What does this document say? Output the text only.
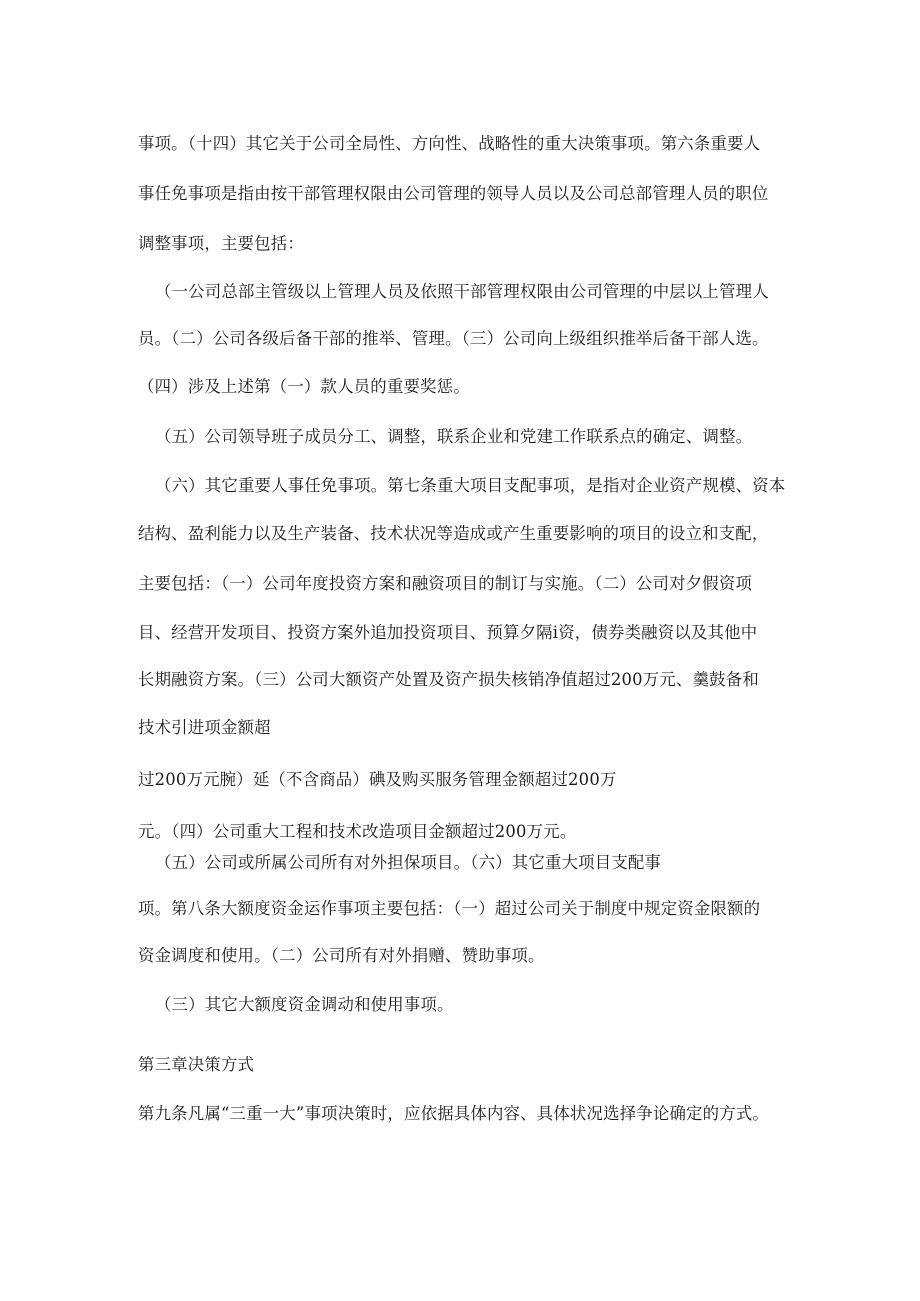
事项。（十四）其它关于公司全局性、方向性、战略性的重大决策事项。第六条重要人
事任免事项是指由按干部管理权限由公司管理的领导人员以及公司总部管理人员的职位
调整事项，主要包括：
（一公司总部主管级以上管理人员及依照干部管理权限由公司管理的中层以上管理人
员。（二）公司各级后备干部的推举、管理。（三）公司向上级组织推举后备干部人选。
（四）涉及上述第（一）款人员的重要奖惩。
（五）公司领导班子成员分工、调整，联系企业和党建工作联系点的确定、调整。
（六）其它重要人事任免事项。第七条重大项目支配事项，是指对企业资产规模、资本
结构、盈利能力以及生产装备、技术状况等造成或产生重要影响的项目的设立和支配，
主要包括：（一）公司年度投资方案和融资项目的制订与实施。（二）公司对夕假资项
目、经营开发项目、投资方案外追加投资项目、预算夕隔i资，债券类融资以及其他中
长期融资方案。（三）公司大额资产处置及资产损失核销净值超过200万元、羹鼓备和
技术引进项金额超
过200万元腕）延（不含商品）碘及购买服务管理金额超过200万
元。（四）公司重大工程和技术改造项目金额超过200万元。
（五）公司或所属公司所有对外担保项目。（六）其它重大项目支配事
项。第八条大额度资金运作事项主要包括：（一）超过公司关于制度中规定资金限额的
资金调度和使用。（二）公司所有对外捐赠、赞助事项。
（三）其它大额度资金调动和使用事项。
第三章决策方式
第九条凡属“三重一大”事项决策时，应依据具体内容、具体状况选择争论确定的方式。
